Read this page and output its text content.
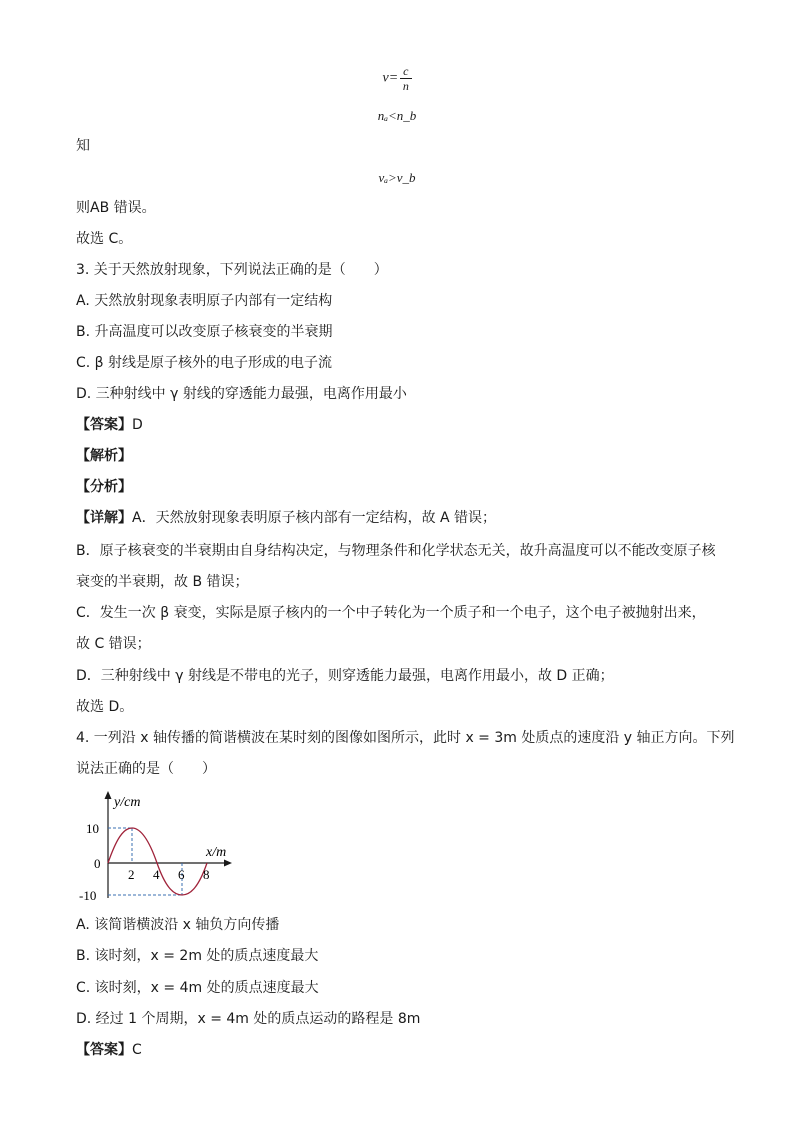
$v= \frac{c}{n}$
nₐ<n_b
知
vₐ>v_b
则AB 错误。
故选 C。
3. 关于天然放射现象，下列说法正确的是（　　）
A. 天然放射现象表明原子内部有一定结构
B. 升高温度可以改变原子核衰变的半衰期
C. β 射线是原子核外的电子形成的电子流
D. 三种射线中 γ 射线的穿透能力最强，电离作用最小
【答案】D
【解析】
【分析】
【详解】A．天然放射现象表明原子核内部有一定结构，故 A 错误；
B．原子核衰变的半衰期由自身结构决定，与物理条件和化学状态无关，故升高温度可以不能改变原子核
衰变的半衰期，故 B 错误；
C．发生一次 β 衰变，实际是原子核内的一个中子转化为一个质子和一个电子，这个电子被抛射出来，
故 C 错误；
D．三种射线中 γ 射线是不带电的光子，则穿透能力最强，电离作用最小，故 D 正确；
故选 D。
4. 一列沿 x 轴传播的简谐横波在某时刻的图像如图所示，此时 x = 3m 处质点的速度沿 y 轴正方向。下列
说法正确的是（　　）
y/cm
x/m
10
0
-10
2 4 6 8
A. 该简谐横波沿 x 轴负方向传播
B. 该时刻，x = 2m 处的质点速度最大
C. 该时刻，x = 4m 处的质点速度最大
D. 经过 1 个周期，x = 4m 处的质点运动的路程是 8m
【答案】C
